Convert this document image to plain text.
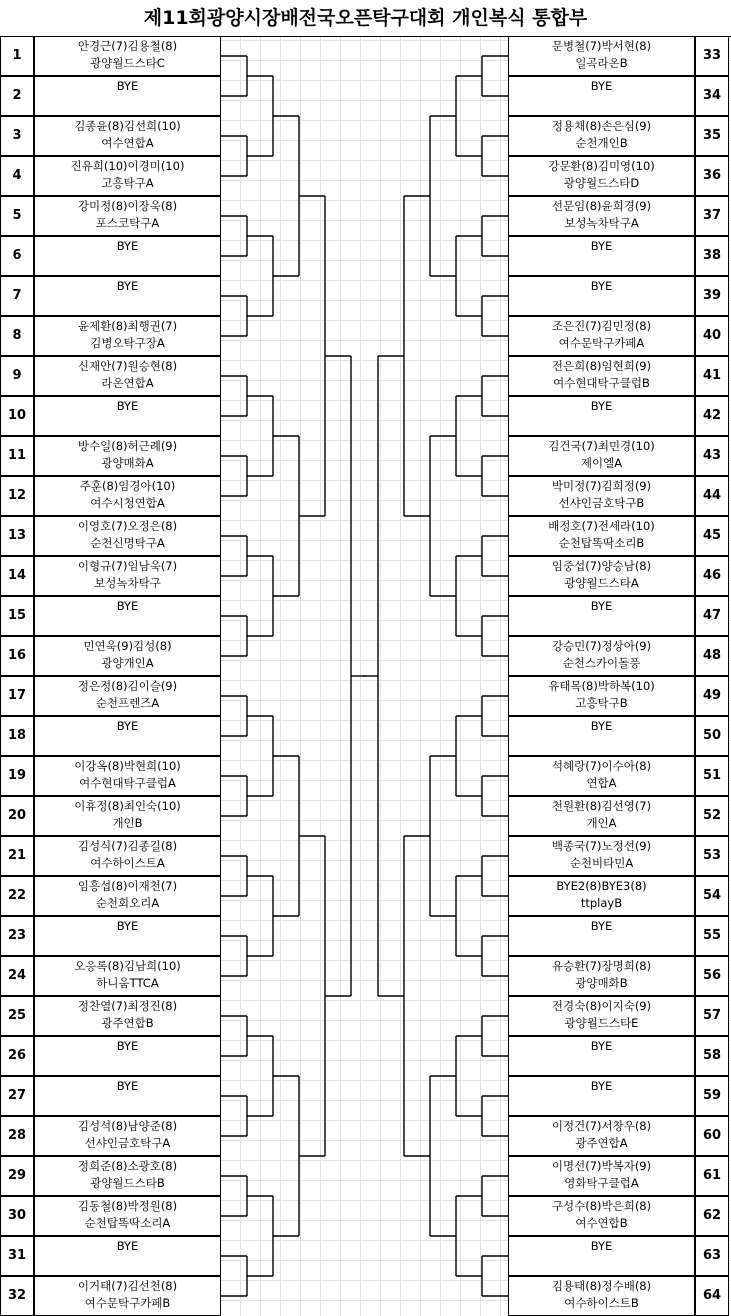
제11회광양시장배전국오픈탁구대회 개인복식 통합부
1
안경근(7)김용철(8)
광양월드스타C
2
BYE
3
김종윤(8)김선희(10)
여수연합A
4
진유희(10)이경미(10)
고흥탁구A
5
강미정(8)이장욱(8)
포스코탁구A
6
BYE
7
BYE
8
윤제환(8)최행권(7)
김병오탁구장A
9
신재안(7)원승현(8)
라온연합A
10
BYE
11
방수일(8)허근례(9)
광양매화A
12
주훈(8)임경아(10)
여수시청연합A
13
이영호(7)오정은(8)
순천신명탁구A
14
이형규(7)임남욱(7)
보성녹차탁구
15
BYE
16
민연욱(9)김성(8)
광양개인A
17
정은정(8)김이슬(9)
순천프렌즈A
18
BYE
19
이강옥(8)박현희(10)
여수현대탁구클럽A
20
이휴정(8)최인숙(10)
개인B
21
김성식(7)김종길(8)
여수하이스트A
22
임흥섭(8)이재천(7)
순천회오리A
23
BYE
24
오응록(8)김남희(10)
하니움TTCA
25
정찬열(7)최정진(8)
광주연합B
26
BYE
27
BYE
28
김성석(8)남양준(8)
선샤인금호탁구A
29
정희준(8)소광호(8)
광양월드스타B
30
김동철(8)박정원(8)
순천탑똑딱소리A
31
BYE
32
이거태(7)김선천(8)
여수문탁구카페B
33
문병철(7)박서현(8)
일곡라온B
34
BYE
35
정용채(8)손은심(9)
순천개인B
36
강문환(8)김미영(10)
광양월드스타D
37
선문임(8)윤희경(9)
보성녹차탁구A
38
BYE
39
BYE
40
조은진(7)김민정(8)
여수문탁구카페A
41
전은희(8)임현희(9)
여수현대탁구클럽B
42
BYE
43
김건국(7)최민경(10)
제이엘A
44
박미정(7)김희정(9)
선샤인금호탁구B
45
배정호(7)전세라(10)
순천탑똑딱소리B
46
임중섭(7)양승남(8)
광양월드스타A
47
BYE
48
강승민(7)정상아(9)
순천스카이돌풍
49
유태목(8)박하복(10)
고흥탁구B
50
BYE
51
석혜랑(7)이수아(8)
연합A
52
천원환(8)김선영(7)
개인A
53
백종국(7)노정선(9)
순천비타민A
54
BYE2(8)BYE3(8)
ttplayB
55
BYE
56
유승환(7)장명희(8)
광양매화B
57
전경숙(8)이지숙(9)
광양월드스타E
58
BYE
59
BYE
60
이정건(7)서창우(8)
광주연합A
61
이명선(7)박복자(9)
영화탁구클럽A
62
구성수(8)박은희(8)
여수연합B
63
BYE
64
김용태(8)정수배(8)
여수하이스트B
